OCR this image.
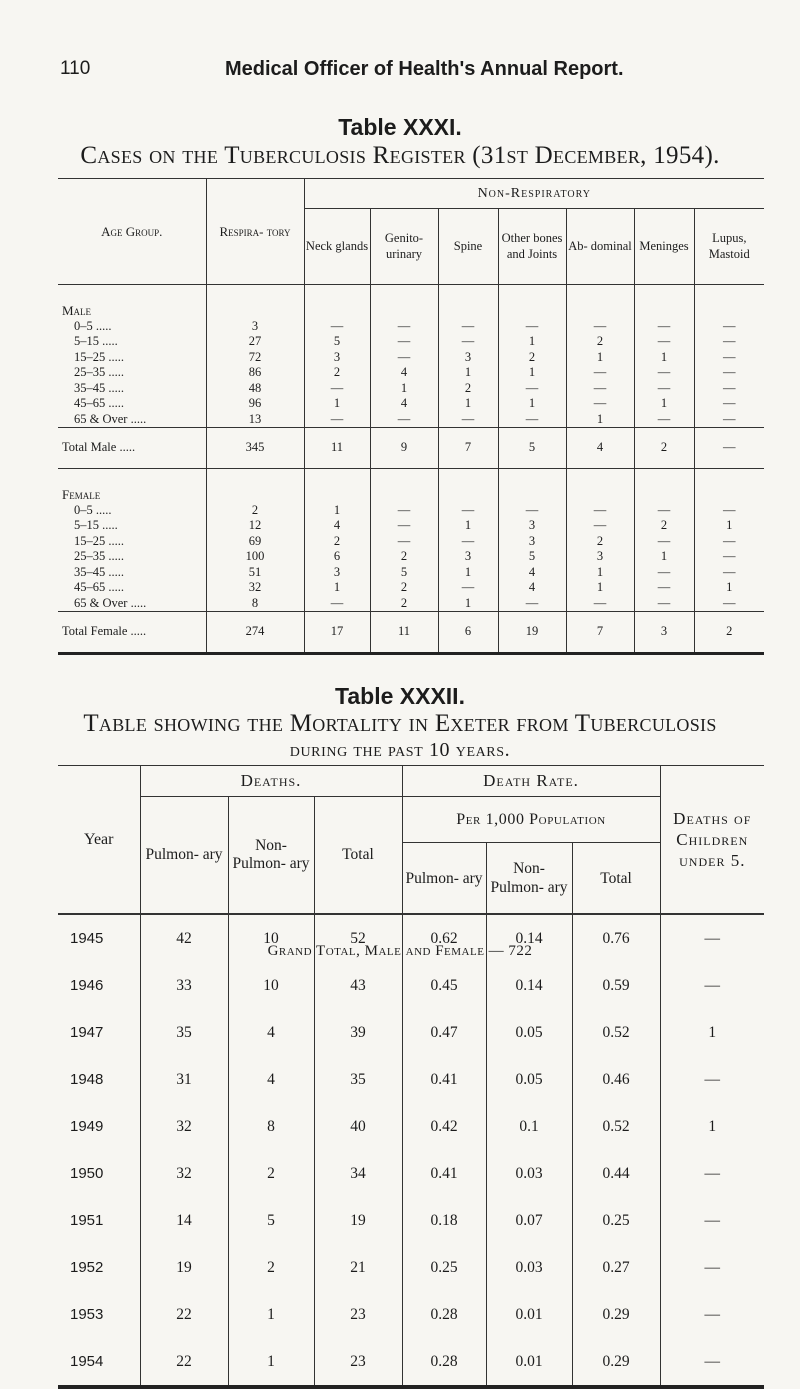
110	Medical Officer of Health's Annual Report.
Table XXXI.
Cases on the Tuberculosis Register (31st December, 1954).
Age Group.	Respira- tory	Non-Respiratory						
		Neck glands	Genito- urinary	Spine	Other bones and Joints	Ab- dominal	Meninges	Lupus, Mastoid
Male								
0–5 .....	3	—	—	—	—	—	—	—
5–15 .....	27	5	—	—	1	2	—	—
15–25 .....	72	3	—	3	2	1	1	—
25–35 .....	86	2	4	1	1	—	—	—
35–45 .....	48	—	1	2	—	—	—	—
45–65 .....	96	1	4	1	1	—	1	—
65 & Over .....	13	—	—	—	—	1	—	—
Total Male .....	345	11	9	7	5	4	2	—
Female								
0–5 .....	2	1	—	—	—	—	—	—
5–15 .....	12	4	—	1	3	—	2	1
15–25 .....	69	2	—	—	3	2	—	—
25–35 .....	100	6	2	3	5	3	1	—
35–45 .....	51	3	5	1	4	1	—	—
45–65 .....	32	1	2	—	4	1	—	1
65 & Over .....	8	—	2	1	—	—	—	—
Total Female .....	274	17	11	6	19	7	3	2
Grand Total, Male and Female — 722
Table XXXII.
Table showing the Mortality in Exeter from Tuberculosis
during the past 10 years.
Year	Deaths.			Death Rate.			Deaths of Children under 5.
	Pulmon- ary	Non- Pulmon- ary	Total	Per 1,000 Population			
				Pulmon- ary	Non- Pulmon- ary	Total	
1945	42	10	52	0.62	0.14	0.76	—
1946	33	10	43	0.45	0.14	0.59	—
1947	35	4	39	0.47	0.05	0.52	1
1948	31	4	35	0.41	0.05	0.46	—
1949	32	8	40	0.42	0.1	0.52	1
1950	32	2	34	0.41	0.03	0.44	—
1951	14	5	19	0.18	0.07	0.25	—
1952	19	2	21	0.25	0.03	0.27	—
1953	22	1	23	0.28	0.01	0.29	—
1954	22	1	23	0.28	0.01	0.29	—
